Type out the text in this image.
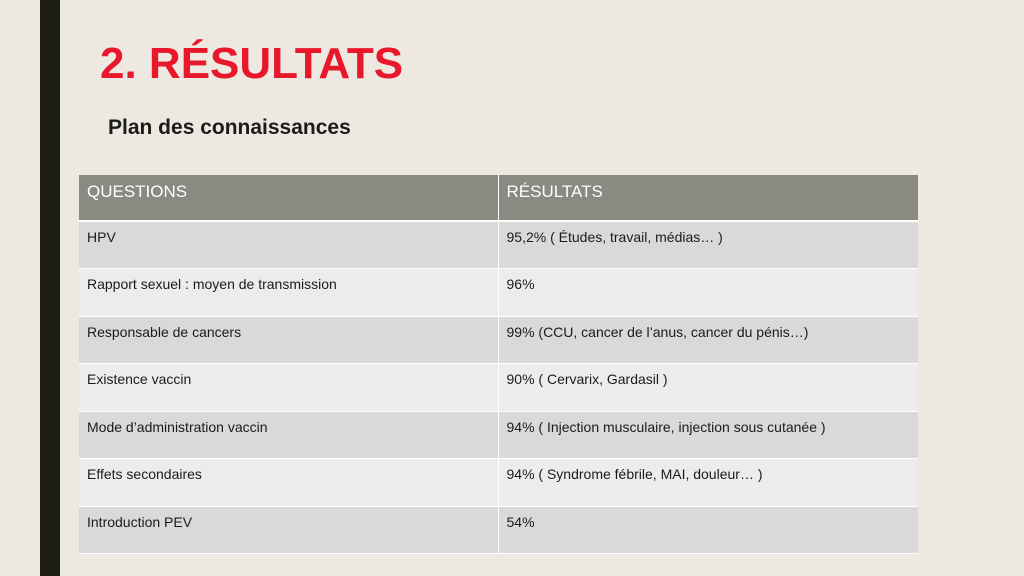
2. RÉSULTATS
Plan des connaissances
QUESTIONS	RÉSULTATS
HPV	95,2% ( Études, travail, médias… )
Rapport sexuel : moyen de transmission	96%
Responsable de cancers	99% (CCU, cancer de l’anus, cancer du pénis…)
Existence vaccin	90% ( Cervarix, Gardasil )
Mode d’administration vaccin	94% ( Injection musculaire, injection sous cutanée )
Effets secondaires	94% ( Syndrome fébrile, MAI, douleur… )
Introduction PEV	54%
